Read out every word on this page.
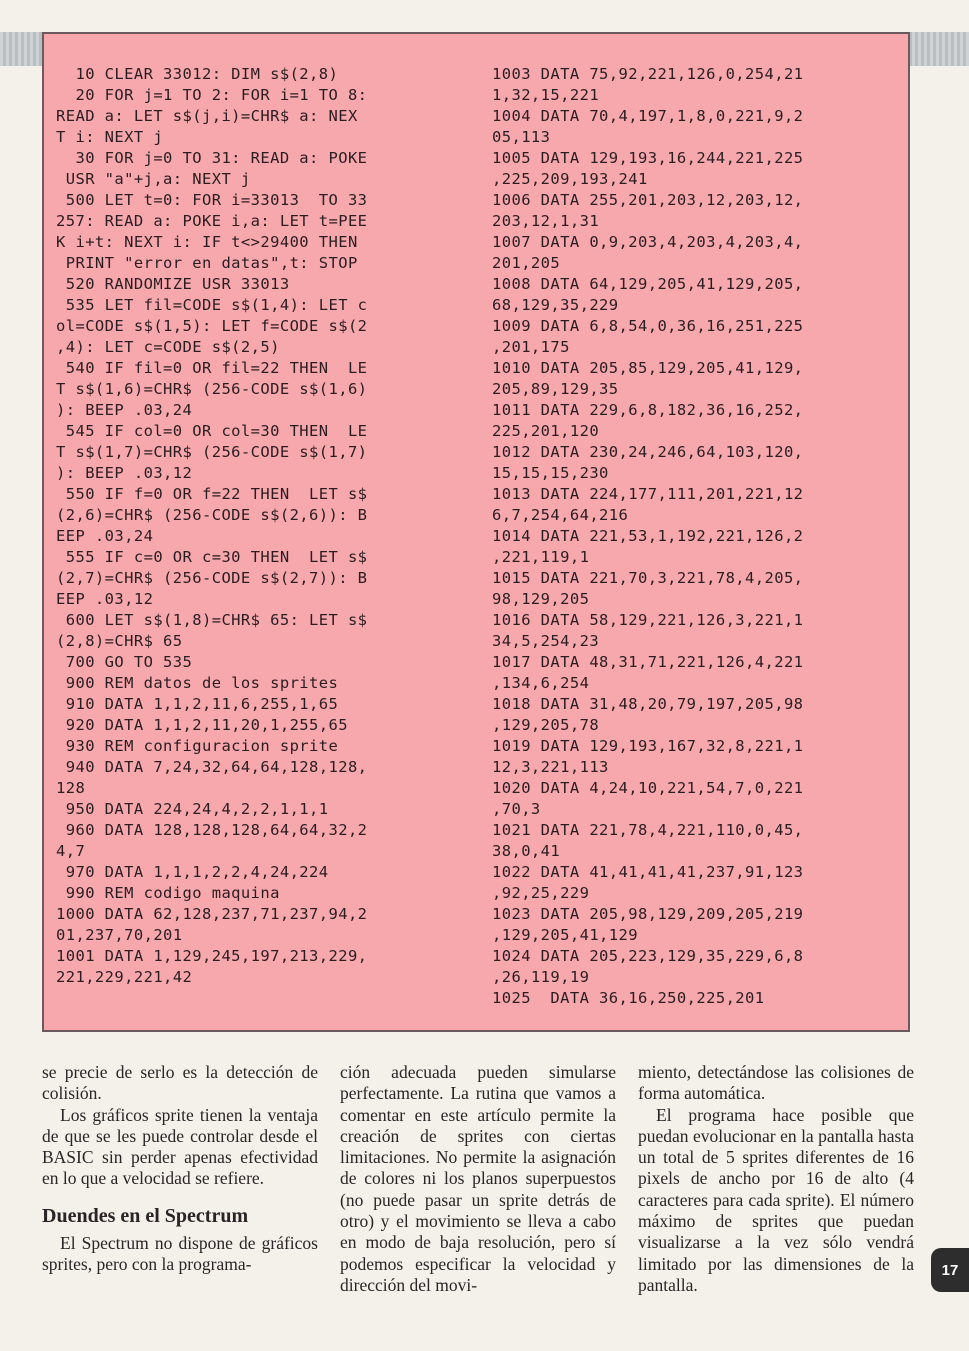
10 CLEAR 33012: DIM s$(2,8)
20 FOR j=1 TO 2: FOR i=1 TO 8:
READ a: LET s$(j,i)=CHR$ a: NEX
T i: NEXT j
30 FOR j=0 TO 31: READ a: POKE
USR "a"+j,a: NEXT j
500 LET t=0: FOR i=33013  TO 33
257: READ a: POKE i,a: LET t=PEE
K i+t: NEXT i: IF t<>29400 THEN
PRINT "error en datas",t: STOP
520 RANDOMIZE USR 33013
535 LET fil=CODE s$(1,4): LET c
ol=CODE s$(1,5): LET f=CODE s$(2
,4): LET c=CODE s$(2,5)
540 IF fil=0 OR fil=22 THEN  LE
T s$(1,6)=CHR$ (256-CODE s$(1,6)
): BEEP .03,24
545 IF col=0 OR col=30 THEN  LE
T s$(1,7)=CHR$ (256-CODE s$(1,7)
): BEEP .03,12
550 IF f=0 OR f=22 THEN  LET s$
(2,6)=CHR$ (256-CODE s$(2,6)): B
EEP .03,24
555 IF c=0 OR c=30 THEN  LET s$
(2,7)=CHR$ (256-CODE s$(2,7)): B
EEP .03,12
600 LET s$(1,8)=CHR$ 65: LET s$
(2,8)=CHR$ 65
700 GO TO 535
900 REM datos de los sprites
910 DATA 1,1,2,11,6,255,1,65
920 DATA 1,1,2,11,20,1,255,65
930 REM configuracion sprite
940 DATA 7,24,32,64,64,128,128,
128
950 DATA 224,24,4,2,2,1,1,1
960 DATA 128,128,128,64,64,32,2
4,7
970 DATA 1,1,1,2,2,4,24,224
990 REM codigo maquina
1000 DATA 62,128,237,71,237,94,2
01,237,70,201
1001 DATA 1,129,245,197,213,229,
221,229,221,42
1003 DATA 75,92,221,126,0,254,21
1,32,15,221
1004 DATA 70,4,197,1,8,0,221,9,2
05,113
1005 DATA 129,193,16,244,221,225
,225,209,193,241
1006 DATA 255,201,203,12,203,12,
203,12,1,31
1007 DATA 0,9,203,4,203,4,203,4,
201,205
1008 DATA 64,129,205,41,129,205,
68,129,35,229
1009 DATA 6,8,54,0,36,16,251,225
,201,175
1010 DATA 205,85,129,205,41,129,
205,89,129,35
1011 DATA 229,6,8,182,36,16,252,
225,201,120
1012 DATA 230,24,246,64,103,120,
15,15,15,230
1013 DATA 224,177,111,201,221,12
6,7,254,64,216
1014 DATA 221,53,1,192,221,126,2
,221,119,1
1015 DATA 221,70,3,221,78,4,205,
98,129,205
1016 DATA 58,129,221,126,3,221,1
34,5,254,23
1017 DATA 48,31,71,221,126,4,221
,134,6,254
1018 DATA 31,48,20,79,197,205,98
,129,205,78
1019 DATA 129,193,167,32,8,221,1
12,3,221,113
1020 DATA 4,24,10,221,54,7,0,221
,70,3
1021 DATA 221,78,4,221,110,0,45,
38,0,41
1022 DATA 41,41,41,41,237,91,123
,92,25,229
1023 DATA 205,98,129,209,205,219
,129,205,41,129
1024 DATA 205,223,129,35,229,6,8
,26,119,19
1025  DATA 36,16,250,225,201

se precie de serlo es la detección de colisión.

Los gráficos sprite tienen la ventaja de que se les puede controlar desde el BASIC sin perder apenas efectividad en lo que a velocidad se refiere.

Duendes en el Spectrum

El Spectrum no dispone de gráficos sprites, pero con la programa-

ción adecuada pueden simularse perfectamente. La rutina que vamos a comentar en este artículo permite la creación de sprites con ciertas limitaciones. No permite la asignación de colores ni los planos superpuestos (no puede pasar un sprite detrás de otro) y el movimiento se lleva a cabo en modo de baja resolución, pero sí podemos especificar la velocidad y dirección del movi-

miento, detectándose las colisiones de forma automática.

El programa hace posible que puedan evolucionar en la pantalla hasta un total de 5 sprites diferentes de 16 pixels de ancho por 16 de alto (4 caracteres para cada sprite). El número máximo de sprites que puedan visualizarse a la vez sólo vendrá limitado por las dimensiones de la pantalla.

17
